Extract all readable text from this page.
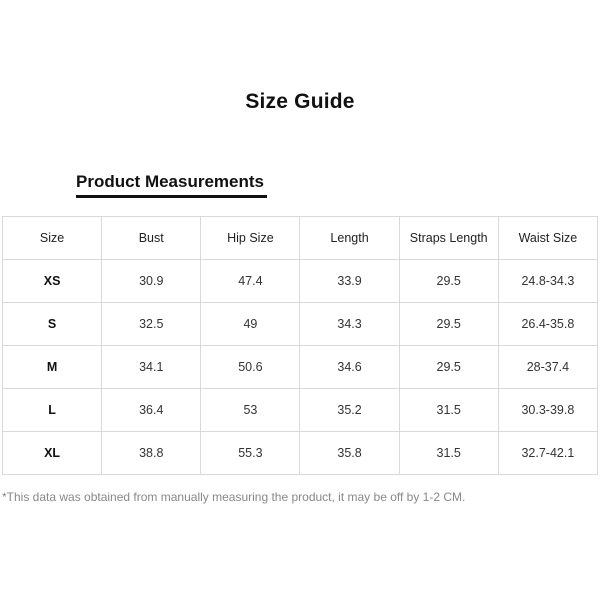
Size Guide
Product Measurements
Size	Bust	Hip Size	Length	Straps Length	Waist Size
XS	30.9	47.4	33.9	29.5	24.8-34.3
S	32.5	49	34.3	29.5	26.4-35.8
M	34.1	50.6	34.6	29.5	28-37.4
L	36.4	53	35.2	31.5	30.3-39.8
XL	38.8	55.3	35.8	31.5	32.7-42.1
*This data was obtained from manually measuring the product, it may be off by 1-2 CM.
